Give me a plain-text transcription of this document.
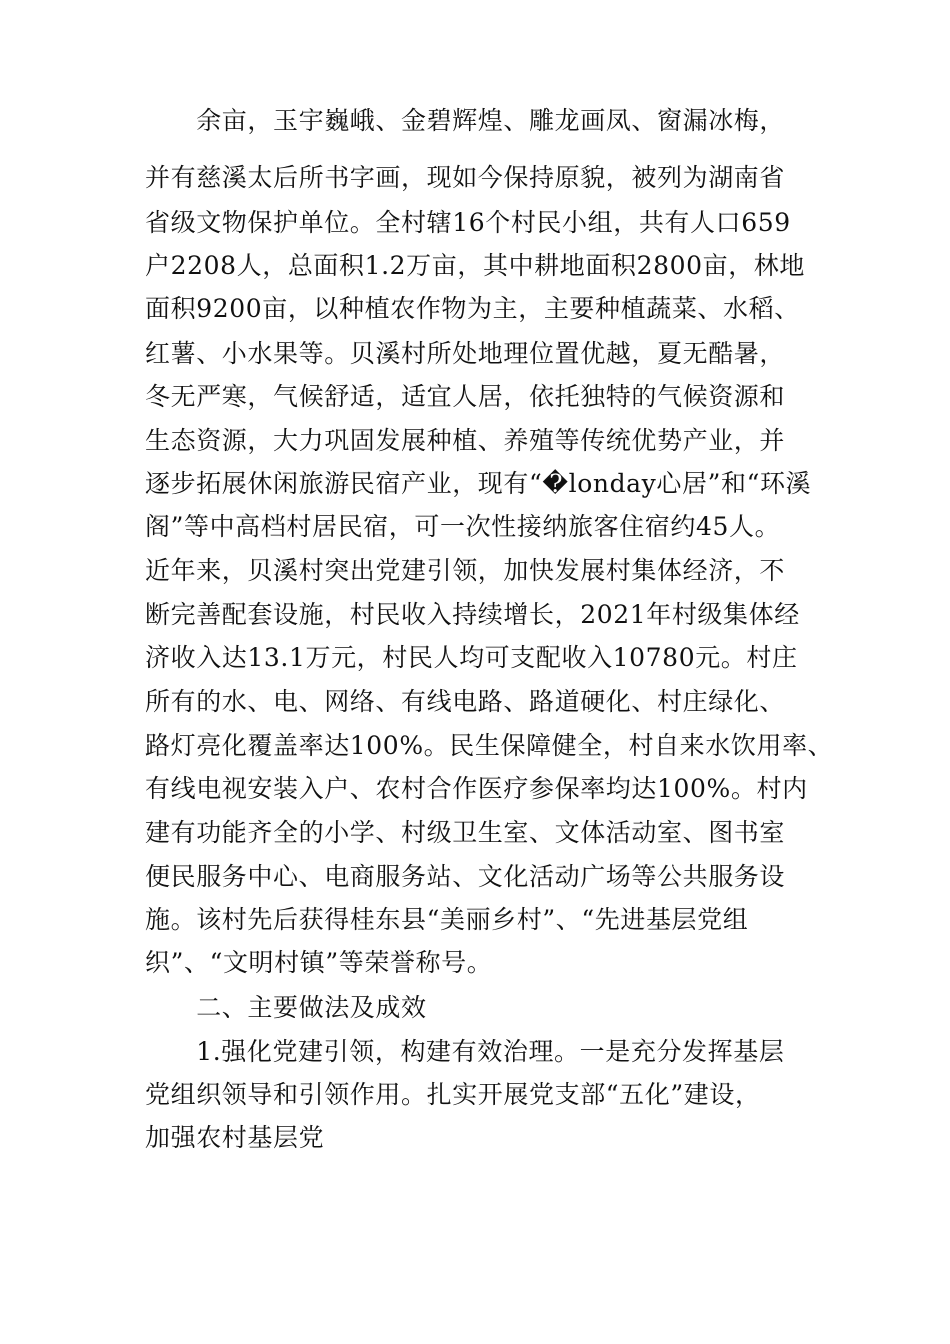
　　余亩，玉宇巍峨、金碧辉煌、雕龙画凤、窗漏冰梅，
并有慈溪太后所书字画，现如今保持原貌，被列为湖南省
省级文物保护单位。全村辖16个村民小组，共有人口659
户2208人，总面积1.2万亩，其中耕地面积2800亩，林地
面积9200亩，以种植农作物为主，主要种植蔬菜、水稻、
红薯、小水果等。贝溪村所处地理位置优越，夏无酷暑，
冬无严寒，气候舒适，适宜人居，依托独特的气候资源和
生态资源，大力巩固发展种植、养殖等传统优势产业，并
逐步拓展休闲旅游民宿产业，现有“�londay心居”和“环溪
阁”等中高档村居民宿，可一次性接纳旅客住宿约45人。
近年来，贝溪村突出党建引领，加快发展村集体经济，不
断完善配套设施，村民收入持续增长，2021年村级集体经
济收入达13.1万元，村民人均可支配收入10780元。村庄
所有的水、电、网络、有线电路、路道硬化、村庄绿化、
路灯亮化覆盖率达100%。民生保障健全，村自来水饮用率、
有线电视安装入户、农村合作医疗参保率均达100%。村内
建有功能齐全的小学、村级卫生室、文体活动室、图书室
便民服务中心、电商服务站、文化活动广场等公共服务设
施。该村先后获得桂东县“美丽乡村”、“先进基层党组
织”、“文明村镇”等荣誉称号。
　　二、主要做法及成效
　　1.强化党建引领，构建有效治理。一是充分发挥基层
党组织领导和引领作用。扎实开展党支部“五化”建设，
加强农村基层党
